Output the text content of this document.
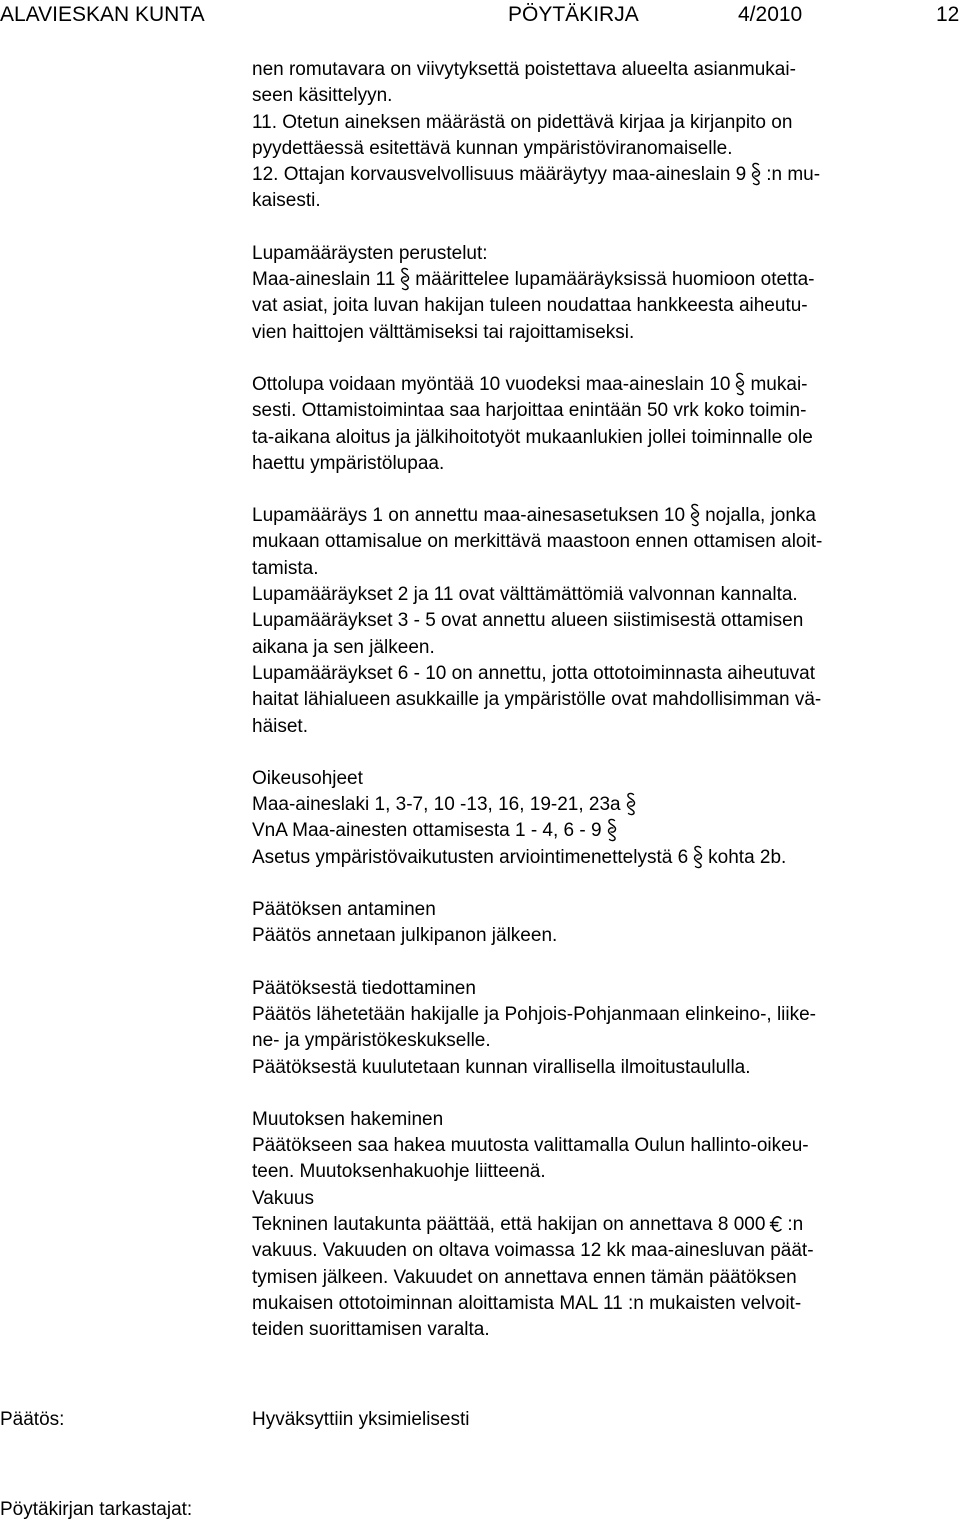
ALAVIESKAN KUNTA	PÖYTÄKIRJA	4/2010	12
nen romutavara on viivytyksettä poistettava alueelta asianmukai-
seen käsittelyyn.
11. Otetun aineksen määrästä on pidettävä kirjaa ja kirjanpito on
pyydettäessä esitettävä kunnan ympäristöviranomaiselle.
12. Ottajan korvausvelvollisuus määräytyy maa-aineslain 9 :n mu-
kaisesti.
Lupamääräysten perustelut:
Maa-aineslain 11 määrittelee lupamääräyksissä huomioon otetta-
vat asiat, joita luvan hakijan tuleen noudattaa hankkeesta aiheutu-
vien haittojen välttämiseksi tai rajoittamiseksi.
Ottolupa voidaan myöntää 10 vuodeksi maa-aineslain 10 mukai-
sesti. Ottamistoimintaa saa harjoittaa enintään 50 vrk koko toimin-
ta-aikana aloitus ja jälkihoitotyöt mukaanlukien jollei toiminnalle ole
haettu ympäristölupaa.
Lupamääräys 1 on annettu maa-ainesasetuksen 10 nojalla, jonka
mukaan ottamisalue on merkittävä maastoon ennen ottamisen aloit-
tamista.
Lupamääräykset 2 ja 11 ovat välttämättömiä valvonnan kannalta.
Lupamääräykset 3 - 5 ovat annettu alueen siistimisestä ottamisen
aikana ja sen jälkeen.
Lupamääräykset 6 - 10 on annettu, jotta ottotoiminnasta aiheutuvat
haitat lähialueen asukkaille ja ympäristölle ovat mahdollisimman vä-
häiset.
Oikeusohjeet
Maa-aineslaki 1, 3-7, 10 -13, 16, 19-21, 23a
VnA Maa-ainesten ottamisesta 1 - 4, 6 - 9
Asetus ympäristövaikutusten arviointimenettelystä 6 kohta 2b.
Päätöksen antaminen
Päätös annetaan julkipanon jälkeen.
Päätöksestä tiedottaminen
Päätös lähetetään hakijalle ja Pohjois-Pohjanmaan elinkeino-, liike-
ne- ja ympäristökeskukselle.
Päätöksestä kuulutetaan kunnan virallisella ilmoitustaululla.
Muutoksen hakeminen
Päätökseen saa hakea muutosta valittamalla Oulun hallinto-oikeu-
teen. Muutoksenhakuohje liitteenä.
Vakuus
Tekninen lautakunta päättää, että hakijan on annettava 8 000 :n
vakuus. Vakuuden on oltava voimassa 12 kk maa-ainesluvan päät-
tymisen jälkeen. Vakuudet on annettava ennen tämän päätöksen
mukaisen ottotoiminnan aloittamista MAL 11 :n mukaisten velvoit-
teiden suorittamisen varalta.
Päätös:	Hyväksyttiin yksimielisesti
Pöytäkirjan tarkastajat:
